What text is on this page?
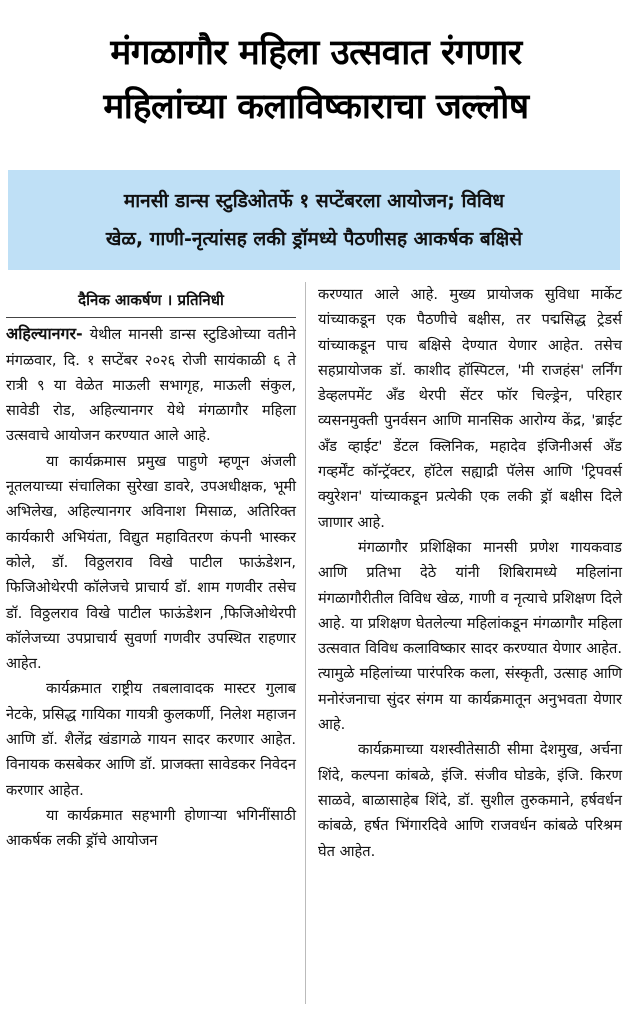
मंगळागौर महिला उत्सवात रंगणार
महिलांच्या कलाविष्काराचा जल्लोष
मानसी डान्स स्टुडिओतर्फे १ सप्टेंबरला आयोजन; विविध
खेळ, गाणी-नृत्यांसह लकी ड्रॉमध्ये पैठणीसह आकर्षक बक्षिसे
दैनिक आकर्षण । प्रतिनिधी

अहिल्यानगर- येथील मानसी डान्स स्टुडिओच्या वतीने मंगळवार, दि. १ सप्टेंबर २०२६ रोजी सायंकाळी ६ ते रात्री ९ या वेळेत माऊली सभागृह, माऊली संकुल, सावेडी रोड, अहिल्यानगर येथे मंगळागौर महिला उत्सवाचे आयोजन करण्यात आले आहे.

या कार्यक्रमास प्रमुख पाहुणे म्हणून अंजली नूतलयाच्या संचालिका सुरेखा डावरे, उपअधीक्षक, भूमी अभिलेख, अहिल्यानगर अविनाश मिसाळ, अतिरिक्त कार्यकारी अभियंता, विद्युत महावितरण कंपनी भास्कर कोले, डॉ. विठ्ठलराव विखे पाटील फाऊंडेशन, फिजिओथेरपी कॉलेजचे प्राचार्य डॉ. शाम गणवीर तसेच डॉ. विठ्ठलराव विखे पाटील फाऊंडेशन ,फिजिओथेरपी कॉलेजच्या उपप्राचार्य सुवर्णा गणवीर उपस्थित राहणार आहेत.

कार्यक्रमात राष्ट्रीय तबलावादक मास्टर गुलाब नेटके, प्रसिद्ध गायिका गायत्री कुलकर्णी, निलेश महाजन आणि डॉ. शैलेंद्र खंडागळे गायन सादर करणार आहेत. विनायक कसबेकर आणि डॉ. प्राजक्ता सावेडकर निवेदन करणार आहेत.

या कार्यक्रमात सहभागी होणाऱ्या भगिनींसाठी आकर्षक लकी ड्रॉचे आयोजन

करण्यात आले आहे. मुख्य प्रायोजक सुविधा मार्केट यांच्याकडून एक पैठणीचे बक्षीस, तर पद्मसिद्ध ट्रेडर्स यांच्याकडून पाच बक्षिसे देण्यात येणार आहेत. तसेच सहप्रायोजक डॉ. काशीद हॉस्पिटल, 'मी राजहंस' लर्निंग डेव्हलपमेंट अँड थेरपी सेंटर फॉर चिल्ड्रेन, परिहार व्यसनमुक्ती पुनर्वसन आणि मानसिक आरोग्य केंद्र, 'ब्राईट अँड व्हाईट' डेंटल क्लिनिक, महादेव इंजिनीअर्स अँड गव्हर्मेंट कॉन्ट्रॅक्टर, हॉटेल सह्याद्री पॅलेस आणि 'ट्रिपवर्स क्युरेशन' यांच्याकडून प्रत्येकी एक लकी ड्रॉ बक्षीस दिले जाणार आहे.

मंगळागौर प्रशिक्षिका मानसी प्रणेश गायकवाड आणि प्रतिभा देठे यांनी शिबिरामध्ये महिलांना मंगळागौरीतील विविध खेळ, गाणी व नृत्याचे प्रशिक्षण दिले आहे. या प्रशिक्षण घेतलेल्या महिलांकडून मंगळागौर महिला उत्सवात विविध कलाविष्कार सादर करण्यात येणार आहेत. त्यामुळे महिलांच्या पारंपरिक कला, संस्कृती, उत्साह आणि मनोरंजनाचा सुंदर संगम या कार्यक्रमातून अनुभवता येणार आहे.

कार्यक्रमाच्या यशस्वीतेसाठी सीमा देशमुख, अर्चना शिंदे, कल्पना कांबळे, इंजि. संजीव घोडके, इंजि. किरण साळवे, बाळासाहेब शिंदे, डॉ. सुशील तुरुकमाने, हर्षवर्धन कांबळे, हर्षत भिंगारदिवे आणि राजवर्धन कांबळे परिश्रम घेत आहेत.
